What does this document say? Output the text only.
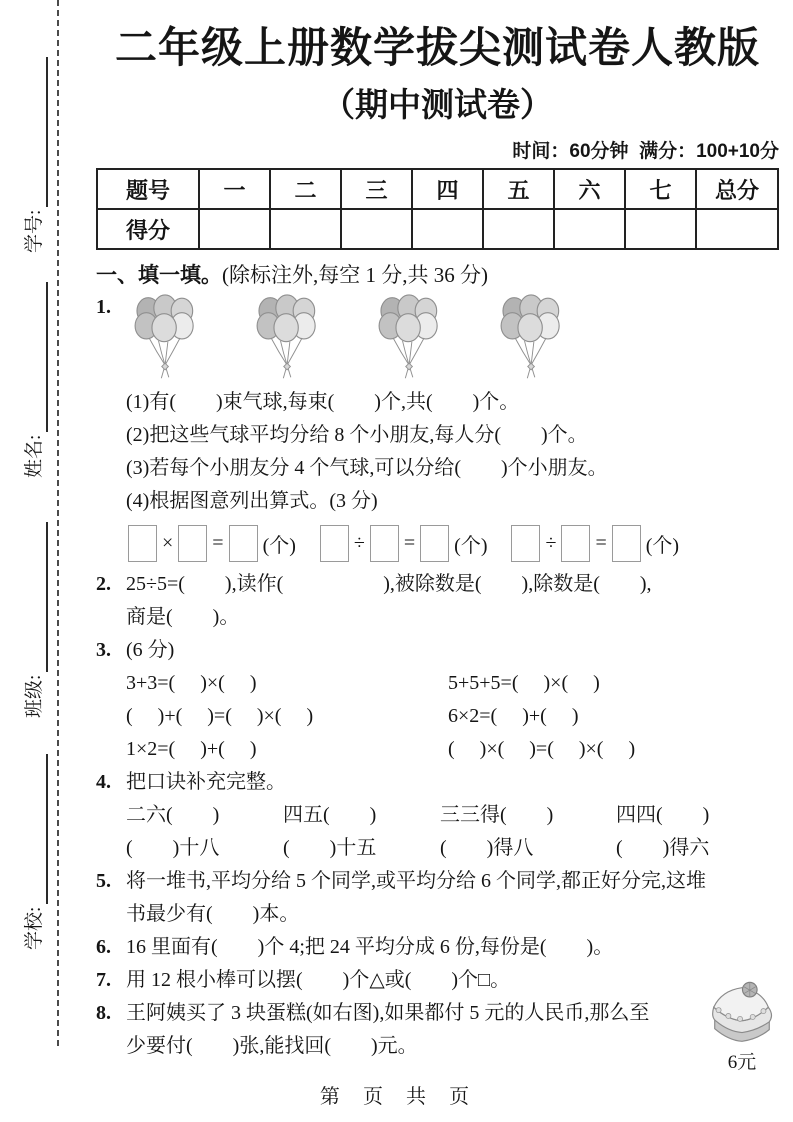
学号:
姓名:
班级:
学校:
二年级上册数学拔尖测试卷人教版
（期中测试卷）
时间：60分钟  满分：100+10分
题号	一	二	三	四	五	六	七	总分
得分								
一、填一填。(除标注外,每空 1 分,共 36 分)
1.
(1)有(        )束气球,每束(        )个,共(        )个。
(2)把这些气球平均分给 8 个小朋友,每人分(        )个。
(3)若每个小朋友分 4 个气球,可以分给(        )个小朋友。
(4)根据图意列出算式。(3 分)
× = (个)	÷ = (个)	÷ = (个)
2. 25÷5=(        ),读作(                    ),被除数是(        ),除数是(        ),
商是(        )。
3. (6 分)
3+3=(     )×(     )	5+5+5=(     )×(     )
(     )+(     )=(     )×(     )	6×2=(     )+(     )
1×2=(     )+(     )	(     )×(     )=(     )×(     )
4. 把口诀补充完整。
二六(        )	四五(        )	三三得(        )	四四(        )
(        )十八	(        )十五	(        )得八	(        )得六
5. 将一堆书,平均分给 5 个同学,或平均分给 6 个同学,都正好分完,这堆
书最少有(        )本。
6. 16 里面有(        )个 4;把 24 平均分成 6 份,每份是(        )。
7. 用 12 根小棒可以摆(        )个△或(        )个□。
8. 王阿姨买了 3 块蛋糕(如右图),如果都付 5 元的人民币,那么至
少要付(        )张,能找回(        )元。
6元
第  页  共  页
